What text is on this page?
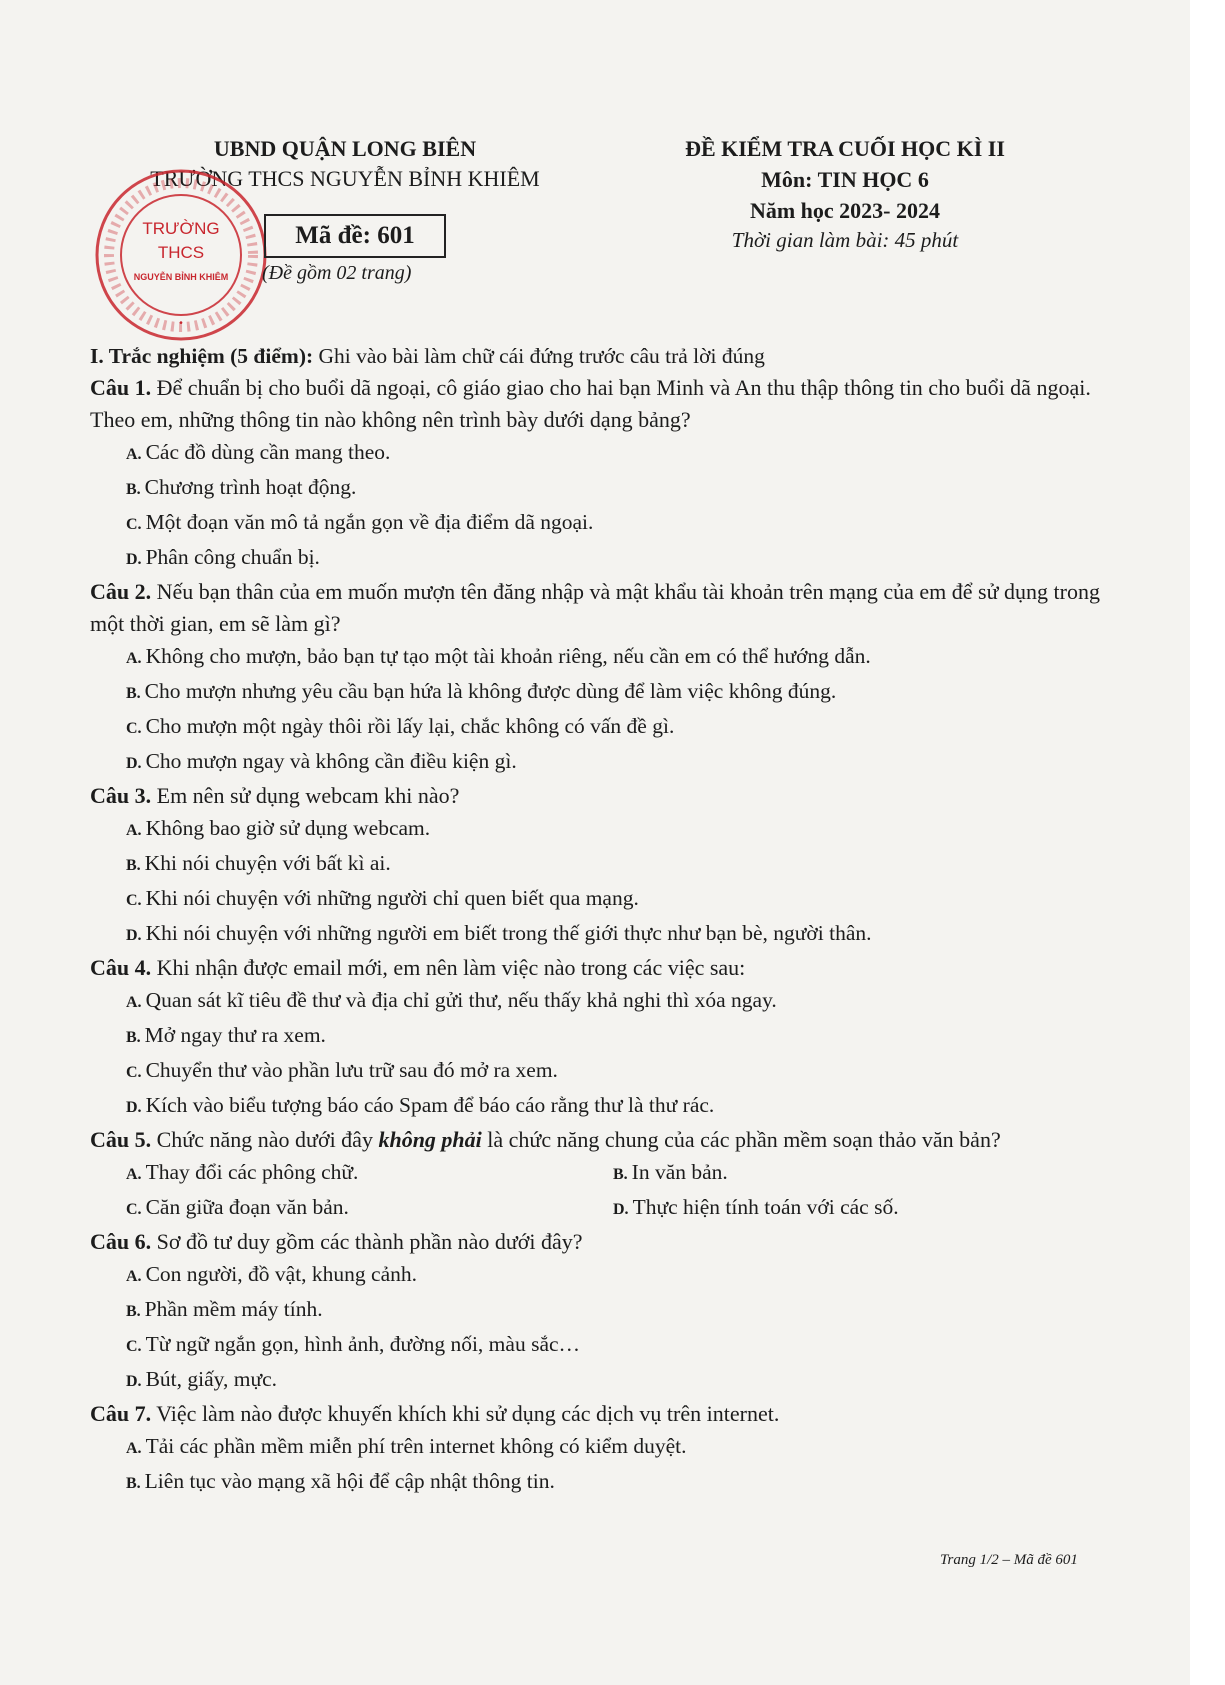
UBND QUẬN LONG BIÊN
TRƯỜNG THCS NGUYỄN BỈNH KHIÊM
ĐỀ KIỂM TRA CUỐI HỌC KÌ II
Môn: TIN HỌC 6
Năm học 2023- 2024
Thời gian làm bài: 45 phút
TRƯỜNG
THCS
NGUYỄN BỈNH KHIÊM
•
Mã đề: 601
(Đề gồm 02 trang)
I. Trắc nghiệm (5 điểm): Ghi vào bài làm chữ cái đứng trước câu trả lời đúng
Câu 1. Để chuẩn bị cho buổi dã ngoại, cô giáo giao cho hai bạn Minh và An thu thập thông tin cho buổi dã ngoại. Theo em, những thông tin nào không nên trình bày dưới dạng bảng?
A. Các đồ dùng cần mang theo.
B. Chương trình hoạt động.
C. Một đoạn văn mô tả ngắn gọn về địa điểm dã ngoại.
D. Phân công chuẩn bị.
Câu 2. Nếu bạn thân của em muốn mượn tên đăng nhập và mật khẩu tài khoản trên mạng của em để sử dụng trong một thời gian, em sẽ làm gì?
A. Không cho mượn, bảo bạn tự tạo một tài khoản riêng, nếu cần em có thể hướng dẫn.
B. Cho mượn nhưng yêu cầu bạn hứa là không được dùng để làm việc không đúng.
C. Cho mượn một ngày thôi rồi lấy lại, chắc không có vấn đề gì.
D. Cho mượn ngay và không cần điều kiện gì.
Câu 3. Em nên sử dụng webcam khi nào?
A. Không bao giờ sử dụng webcam.
B. Khi nói chuyện với bất kì ai.
C. Khi nói chuyện với những người chỉ quen biết qua mạng.
D. Khi nói chuyện với những người em biết trong thế giới thực như bạn bè, người thân.
Câu 4. Khi nhận được email mới, em nên làm việc nào trong các việc sau:
A. Quan sát kĩ tiêu đề thư và địa chỉ gửi thư, nếu thấy khả nghi thì xóa ngay.
B. Mở ngay thư ra xem.
C. Chuyển thư vào phần lưu trữ sau đó mở ra xem.
D. Kích vào biểu tượng báo cáo Spam để báo cáo rằng thư là thư rác.
Câu 5. Chức năng nào dưới đây không phải là chức năng chung của các phần mềm soạn thảo văn bản?
A. Thay đổi các phông chữ.	B. In văn bản.
C. Căn giữa đoạn văn bản.	D. Thực hiện tính toán với các số.
Câu 6. Sơ đồ tư duy gồm các thành phần nào dưới đây?
A. Con người, đồ vật, khung cảnh.
B. Phần mềm máy tính.
C. Từ ngữ ngắn gọn, hình ảnh, đường nối, màu sắc…
D. Bút, giấy, mực.
Câu 7. Việc làm nào được khuyến khích khi sử dụng các dịch vụ trên internet.
A. Tải các phần mềm miễn phí trên internet không có kiểm duyệt.
B. Liên tục vào mạng xã hội để cập nhật thông tin.
Trang 1/2 – Mã đề 601
